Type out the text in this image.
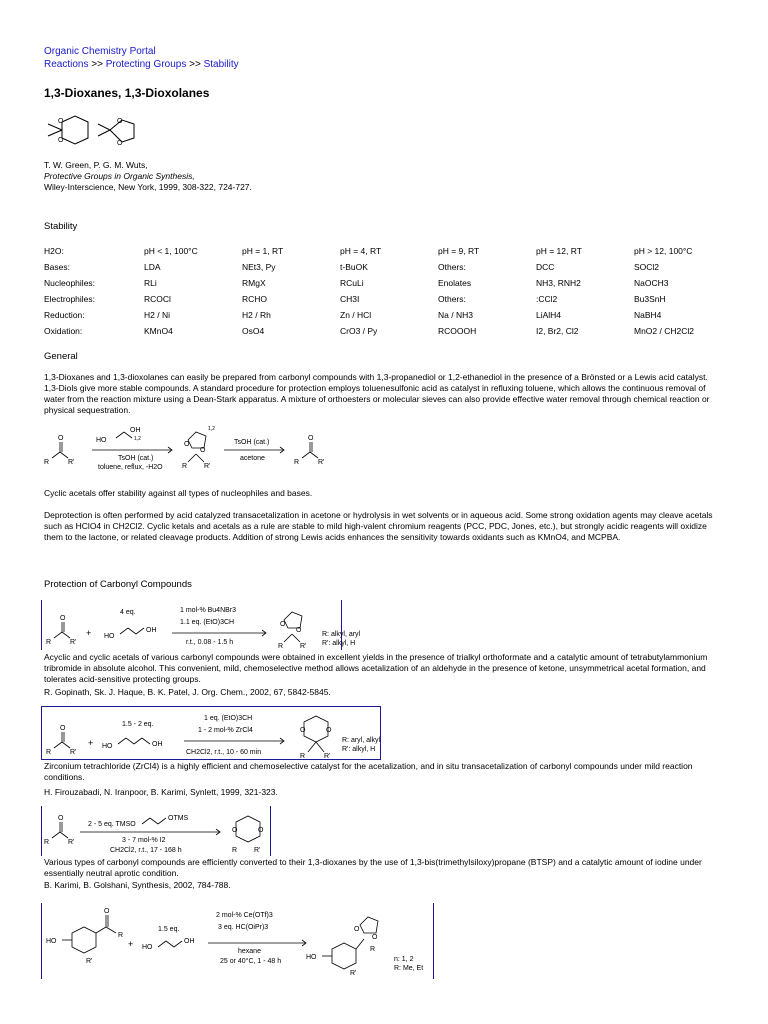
Organic Chemistry Portal
Reactions >> Protecting Groups >> Stability
1,3-Dioxanes, 1,3-Dioxolanes
O
O
O
O
T. W. Green, P. G. M. Wuts,
Protective Groups in Organic Synthesis,
Wiley-Interscience, New York, 1999, 308-322, 724-727.
Stability
H2O:	pH < 1, 100°C	pH = 1, RT	pH = 4, RT	pH = 9, RT	pH = 12, RT	pH > 12, 100°C
Bases:	LDA	NEt3, Py	t-BuOK	Others:	DCC	SOCl2
Nucleophiles:	RLi	RMgX	RCuLi	Enolates	NH3, RNH2	NaOCH3
Electrophiles:	RCOCl	RCHO	CH3I	Others:	:CCl2	Bu3SnH
Reduction:	H2 / Ni	H2 / Rh	Zn / HCl	Na / NH3	LiAlH4	NaBH4
Oxidation:	KMnO4	OsO4	CrO3 / Py	RCOOOH	I2, Br2, Cl2	MnO2 / CH2Cl2
General
1,3-Dioxanes and 1,3-dioxolanes can easily be prepared from carbonyl compounds with 1,3-propanediol or 1,2-ethanediol in the presence of a Brönsted or a Lewis acid catalyst. 1,3-Diols give more stable compounds. A standard procedure for protection employs toluenesulfonic acid as catalyst in refluxing toluene, which allows the continuous removal of water from the reaction mixture using a Dean-Stark apparatus. A mixture of orthoesters or molecular sieves can also provide effective water removal through chemical reaction or physical sequestration.
O
R	R'
HO
OH
1,2
TsOH (cat.)
toluene, reflux, -H2O
O
O
1,2
R R'
TsOH (cat.)
acetone
O
R	R'
Cyclic acetals offer stability against all types of nucleophiles and bases.
Deprotection is often performed by acid catalyzed transacetalization in acetone or hydrolysis in wet solvents or in aqueous acid. Some strong oxidation agents may cleave acetals such as HClO4 in CH2Cl2. Cyclic ketals and acetals as a rule are stable to mild high-valent chromium reagents (PCC, PDC, Jones, etc.), but strongly acidic reagents will oxidize them to the lactone, or related cleavage products. Addition of strong Lewis acids enhances the sensitivity towards oxidants such as KMnO4, and MCPBA.
Protection of Carbonyl Compounds
O
R	R'
+
4 eq.
HO
OH
1 mol-% Bu4NBr3
1.1 eq. (EtO)3CH
r.t., 0.08 - 1.5 h
O
O
R R'
R: alkyl, aryl
R': alkyl, H
Acyclic and cyclic acetals of various carbonyl compounds were obtained in excellent yields in the presence of trialkyl orthoformate and a catalytic amount of tetrabutylammonium tribromide in absolute alcohol. This convenient, mild, chemoselective method allows acetalization of an aldehyde in the presence of ketone, unsymmetrical acetal formation, and tolerates acid-sensitive protecting groups.
R. Gopinath, Sk. J. Haque, B. K. Patel, J. Org. Chem., 2002, 67, 5842-5845.
O
R	R'
+
1.5 - 2 eq.
HO	OH
1 eq. (EtO)3CH
1 - 2 mol-% ZrCl4
CH2Cl2, r.t., 10 - 60 min
O	O
R	R'
R: aryl, alkyl
R': alkyl, H
Zirconium tetrachloride (ZrCl4) is a highly efficient and chemoselective catalyst for the acetalization, and in situ transacetalization of carbonyl compounds under mild reaction conditions.
H. Firouzabadi, N. Iranpoor, B. Karimi, Synlett, 1999, 321-323.
O
R	R'
2 - 5 eq. TMSO
OTMS
3 - 7 mol-% I2
CH2Cl2, r.t., 17 - 168 h
O	O
R R'
Various types of carbonyl compounds are efficiently converted to their 1,3-dioxanes by the use of 1,3-bis(trimethylsiloxy)propane (BTSP) and a catalytic amount of iodine under essentially neutral aprotic condition.
B. Karimi, B. Golshani, Synthesis, 2002, 784-788.
HO
O
R
R'
+
1.5 eq.
HO
OH
2 mol-% Ce(OTf)3
3 eq. HC(OiPr)3
hexane
25 or 40°C, 1 - 48 h
HO
O
O
R
R'
n: 1, 2
R: Me, Et
